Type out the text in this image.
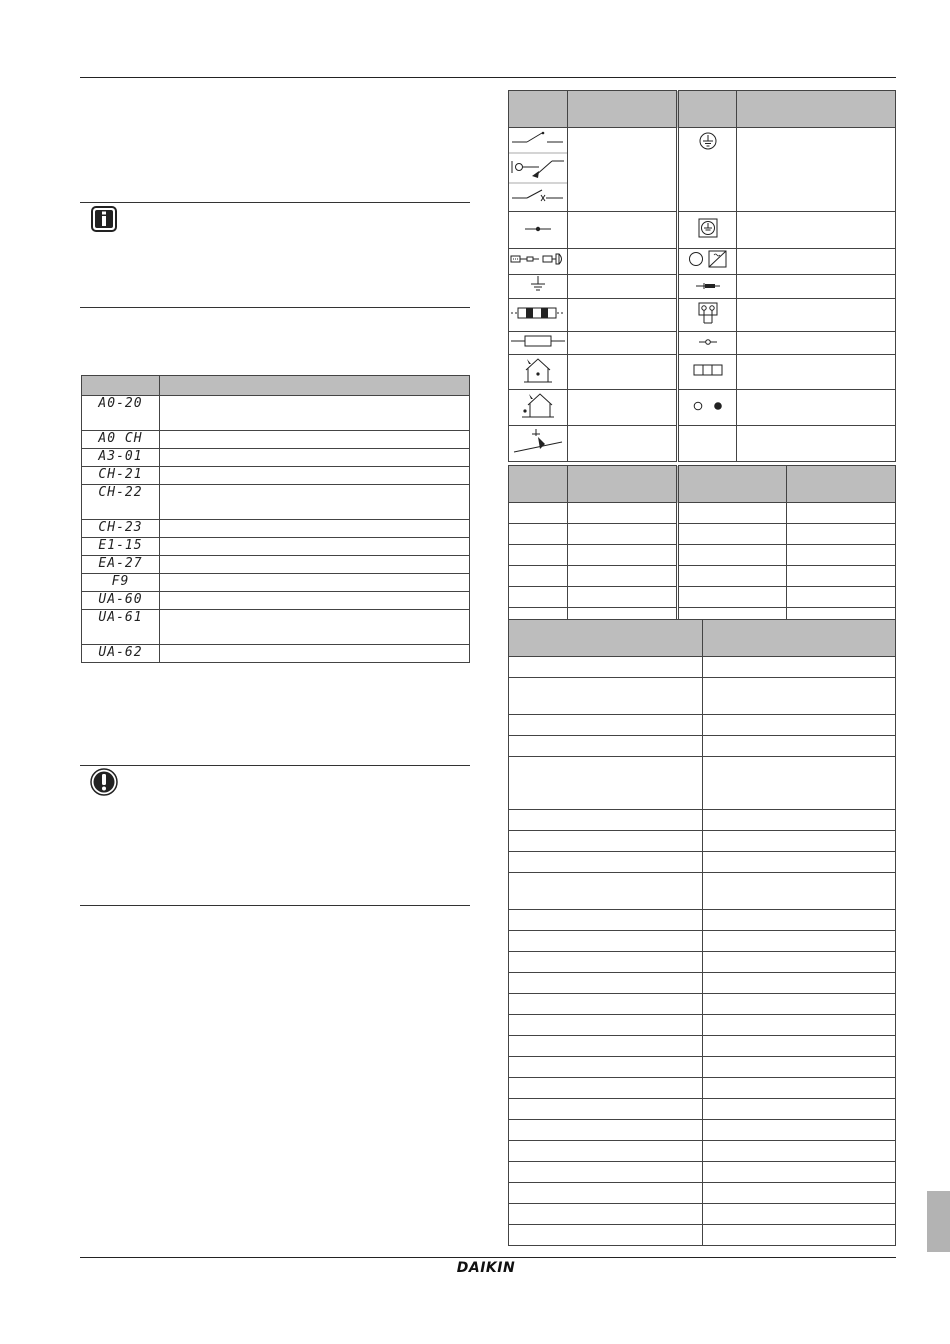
A0-20	
A0 CH	
A3-01	
CH-21	
CH-22	
CH-23	
E1-15	
EA-27	
F9	
UA-60	
UA-61	
UA-62	

DAIKIN
